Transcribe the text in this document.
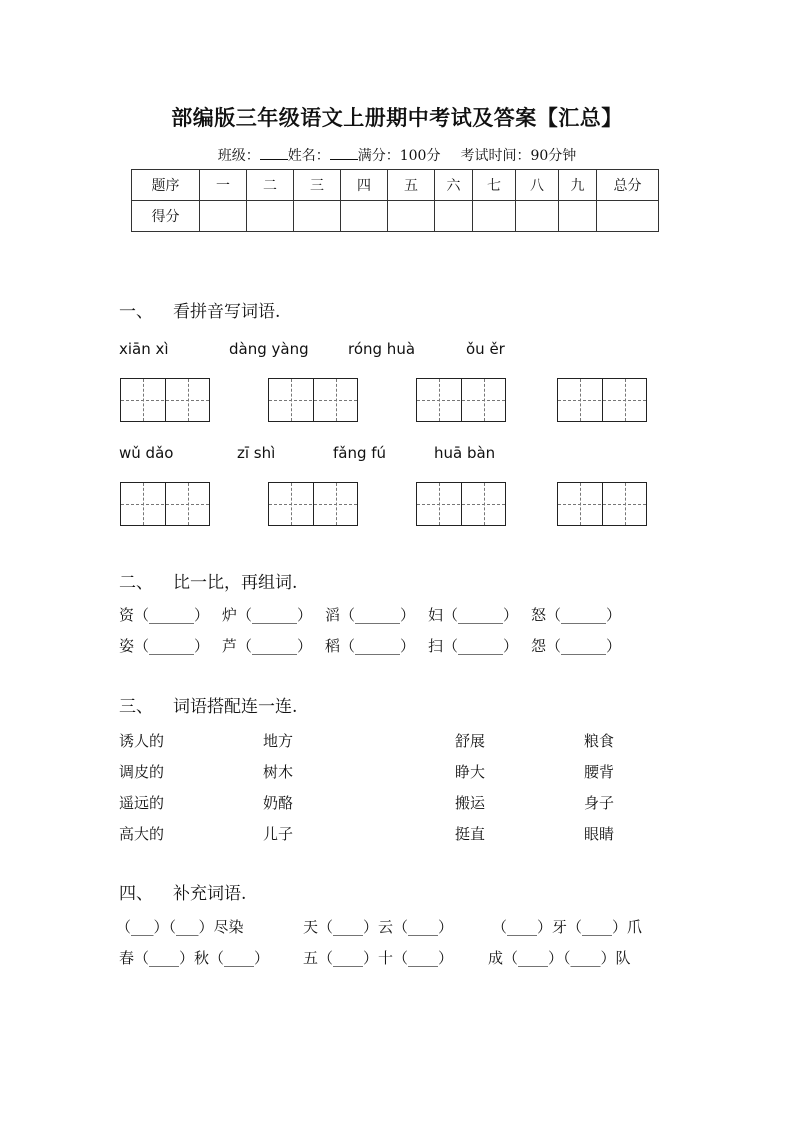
部编版三年级语文上册期中考试及答案【汇总】
班级： 姓名： 满分：100分 考试时间：90分钟
题序	一	二	三	四	五	六	七	八	九	总分
得分										
一、 看拼音写词语.
xiān xì	dàng yàng	róng huà	ǒu ěr
wǔ dǎo	zī shì	fǎng fú	huā bàn
二、 比一比，再组词.
资（______） 炉（______） 滔（______） 妇（______） 怒（______）
姿（______） 芦（______） 稻（______） 扫（______） 怨（______）
三、 词语搭配连一连.
诱人的	地方	舒展	粮食
调皮的	树木	睁大	腰背
遥远的	奶酪	搬运	身子
高大的	儿子	挺直	眼睛
四、 补充词语.
（___）（___）尽染	天（____）云（____）	（____）牙（____）爪
春（____）秋（____） 五（____）十（____） 成（____）（____）队
